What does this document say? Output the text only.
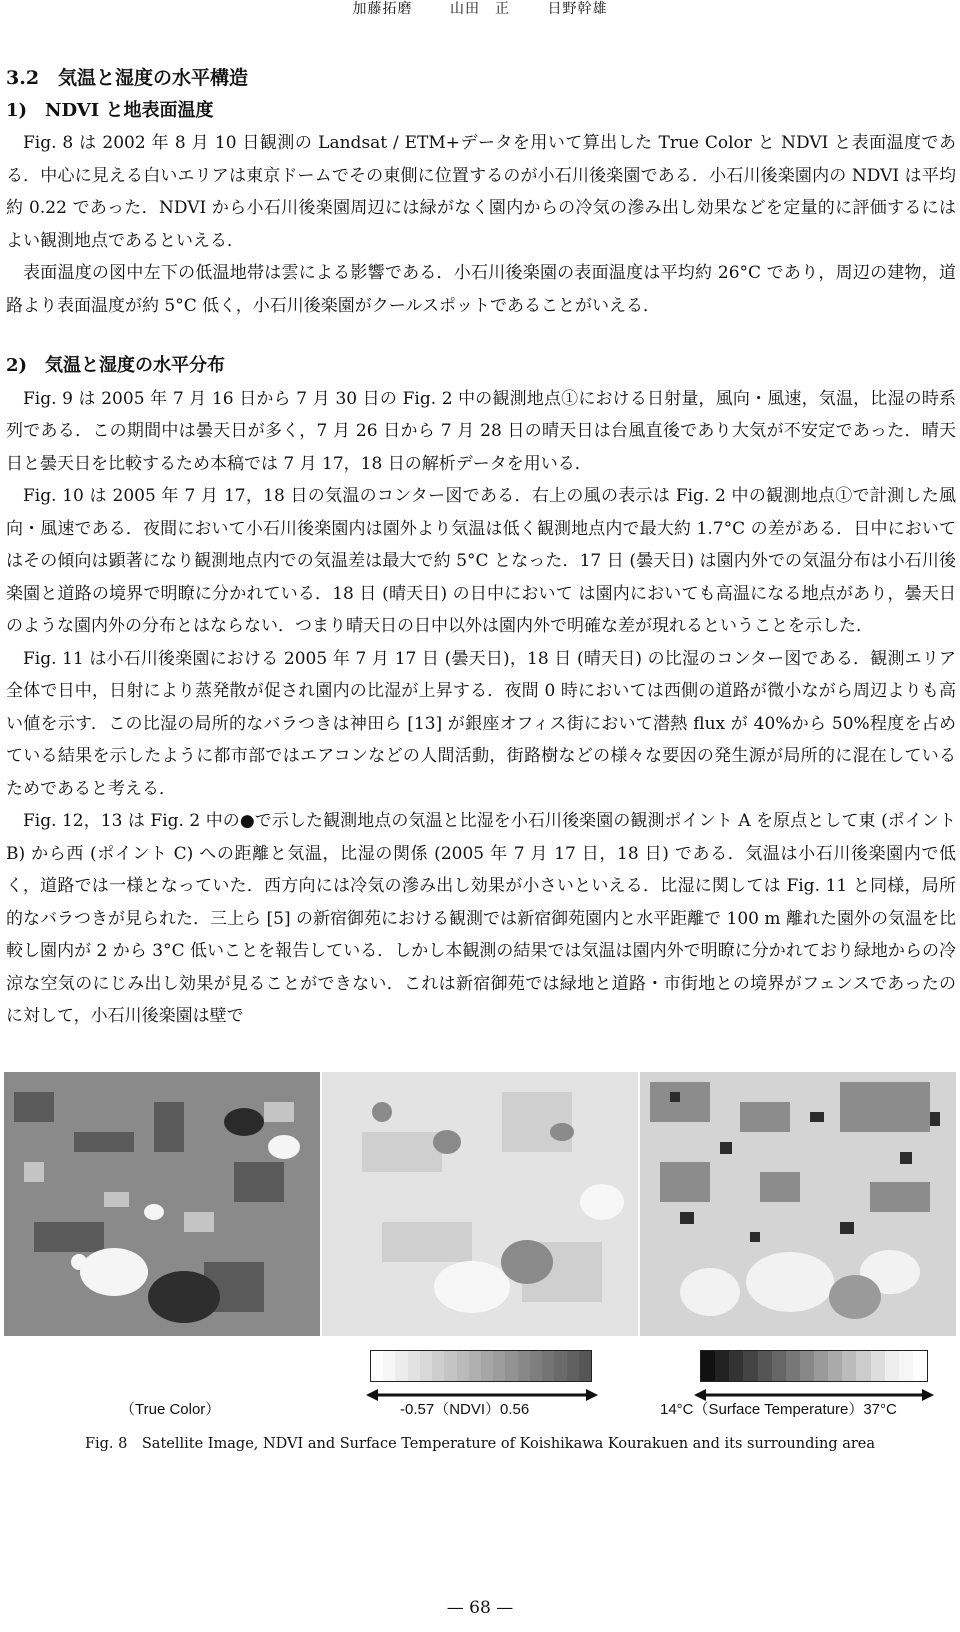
加藤拓磨	山田　正	日野幹雄
3.2　気温と湿度の水平構造
1)　NDVI と地表面温度

Fig. 8 は 2002 年 8 月 10 日観測の Landsat / ETM+データを用いて算出した True Color と NDVI と表面温度である．中心に見える白いエリアは東京ドームでその東側に位置するのが小石川後楽園である．小石川後楽園内の NDVI は平均約 0.22 であった．NDVI から小石川後楽園周辺には緑がなく園内からの冷気の滲み出し効果などを定量的に評価するにはよい観測地点であるといえる．

表面温度の図中左下の低温地帯は雲による影響である．小石川後楽園の表面温度は平均約 26°C であり，周辺の建物，道路より表面温度が約 5°C 低く，小石川後楽園がクールスポットであることがいえる．

2)　気温と湿度の水平分布

Fig. 9 は 2005 年 7 月 16 日から 7 月 30 日の Fig. 2 中の観測地点①における日射量，風向・風速，気温，比湿の時系列である．この期間中は曇天日が多く，7 月 26 日から 7 月 28 日の晴天日は台風直後であり大気が不安定であった．晴天日と曇天日を比較するため本稿では 7 月 17，18 日の解析データを用いる．

Fig. 10 は 2005 年 7 月 17，18 日の気温のコンター図である．右上の風の表示は Fig. 2 中の観測地点①で計測した風向・風速である．夜間において小石川後楽園内は園外より気温は低く観測地点内で最大約 1.7°C の差がある．日中においてはその傾向は顕著になり観測地点内での気温差は最大で約 5°C となった．17 日 (曇天日) は園内外での気温分布は小石川後楽園と道路の境界で明瞭に分かれている．18 日 (晴天日) の日中において は園内においても高温になる地点があり，曇天日のような園内外の分布とはならない．つまり晴天日の日中以外は園内外で明確な差が現れるということを示した．

Fig. 11 は小石川後楽園における 2005 年 7 月 17 日 (曇天日)，18 日 (晴天日) の比湿のコンター図である．観測エリア全体で日中，日射により蒸発散が促され園内の比湿が上昇する．夜間 0 時においては西側の道路が微小ながら周辺よりも高い値を示す．この比湿の局所的なバラつきは神田ら [13] が銀座オフィス街において潜熱 flux が 40%から 50%程度を占めている結果を示したように都市部ではエアコンなどの人間活動，街路樹などの様々な要因の発生源が局所的に混在しているためであると考える．

Fig. 12，13 は Fig. 2 中の●で示した観測地点の気温と比湿を小石川後楽園の観測ポイント A を原点として東 (ポイント B) から西 (ポイント C) への距離と気温，比湿の関係 (2005 年 7 月 17 日，18 日) である．気温は小石川後楽園内で低く，道路では一様となっていた．西方向には冷気の滲み出し効果が小さいといえる．比湿に関しては Fig. 11 と同様，局所的なバラつきが見られた．三上ら [5] の新宿御苑における観測では新宿御苑園内と水平距離で 100 m 離れた園外の気温を比較し園内が 2 から 3°C 低いことを報告している．しかし本観測の結果では気温は園内外で明瞭に分かれており緑地からの冷涼な空気のにじみ出し効果が見ることができない．これは新宿御苑では緑地と道路・市街地との境界がフェンスであったのに対して，小石川後楽園は壁で

（True Color）	-0.57（NDVI）0.56	14°C（Surface Temperature）37°C
Fig. 8　Satellite Image, NDVI and Surface Temperature of Koishikawa Kourakuen and its surrounding area
— 68 —
